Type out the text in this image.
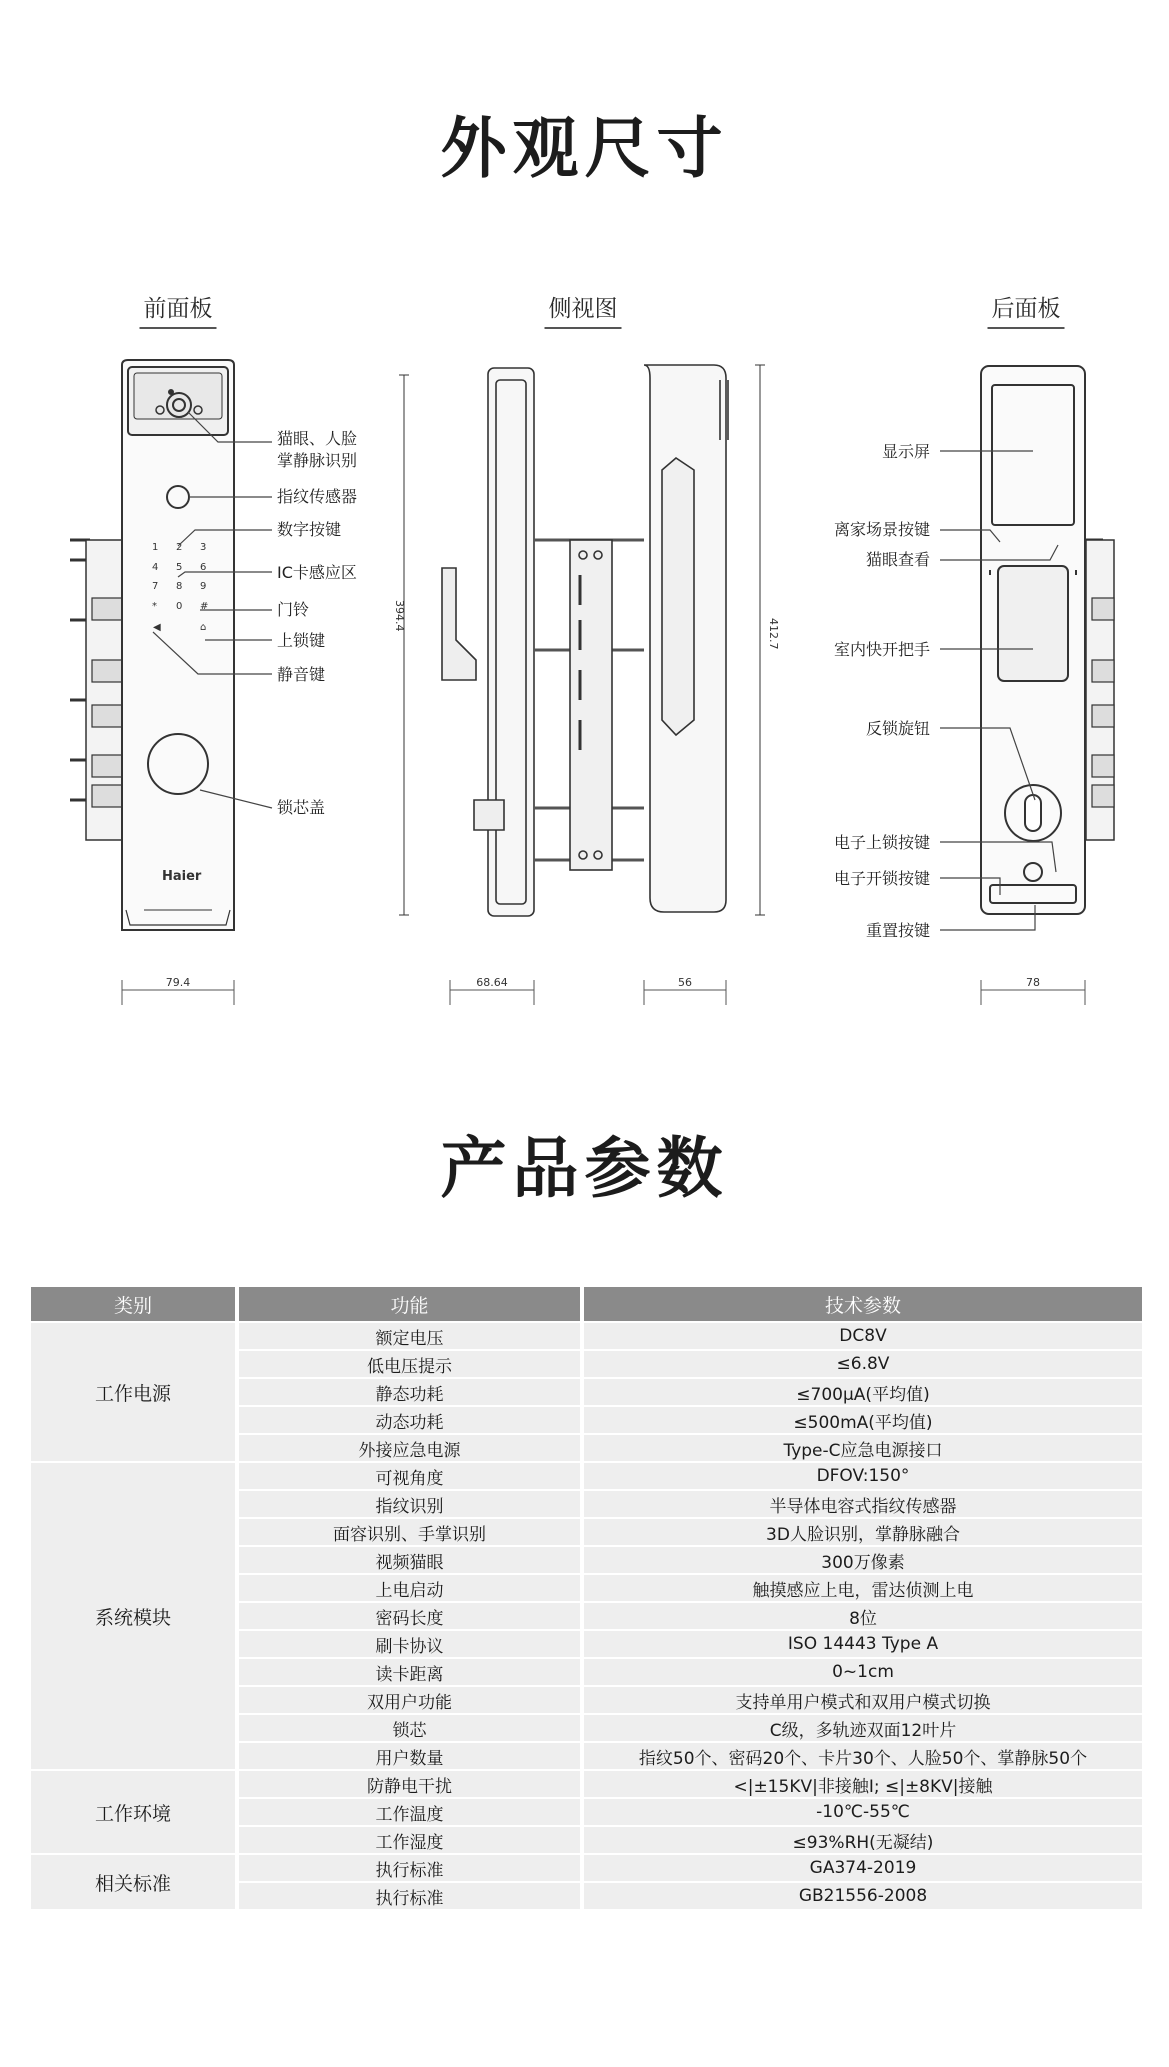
外观尺寸
前面板	侧视图	后面板
1 2 3
4 5 6
7 8 9
* 0 #
◀	⌂
Haier
猫眼、人脸
掌静脉识别
指纹传感器
数字按键
IC卡感应区
门铃
上锁键
静音键
锁芯盖
394.4
412.7
显示屏
离家场景按键
猫眼查看
室内快开把手
反锁旋钮
电子上锁按键
电子开锁按键
重置按键
79.4	68.64	56	78
产品参数
类别	功能	技术参数
工作电源	额定电压	DC8V
	低电压提示	≤6.8V
	静态功耗	≤700μA(平均值)
	动态功耗	≤500mA(平均值)
	外接应急电源	Type-C应急电源接口
系统模块	可视角度	DFOV:150°
	指纹识别	半导体电容式指纹传感器
	面容识别、手掌识别	3D人脸识别，掌静脉融合
	视频猫眼	300万像素
	上电启动	触摸感应上电，雷达侦测上电
	密码长度	8位
	刷卡协议	ISO 14443 Type A
	读卡距离	0~1cm
	双用户功能	支持单用户模式和双用户模式切换
	锁芯	C级，多轨迹双面12叶片
	用户数量	指纹50个、密码20个、卡片30个、人脸50个、掌静脉50个
工作环境	防静电干扰	<|±15KV|非接触I; ≤|±8KV|接触
	工作温度	-10℃-55℃
	工作湿度	≤93%RH(无凝结)
相关标准	执行标准	GA374-2019
	执行标准	GB21556-2008
